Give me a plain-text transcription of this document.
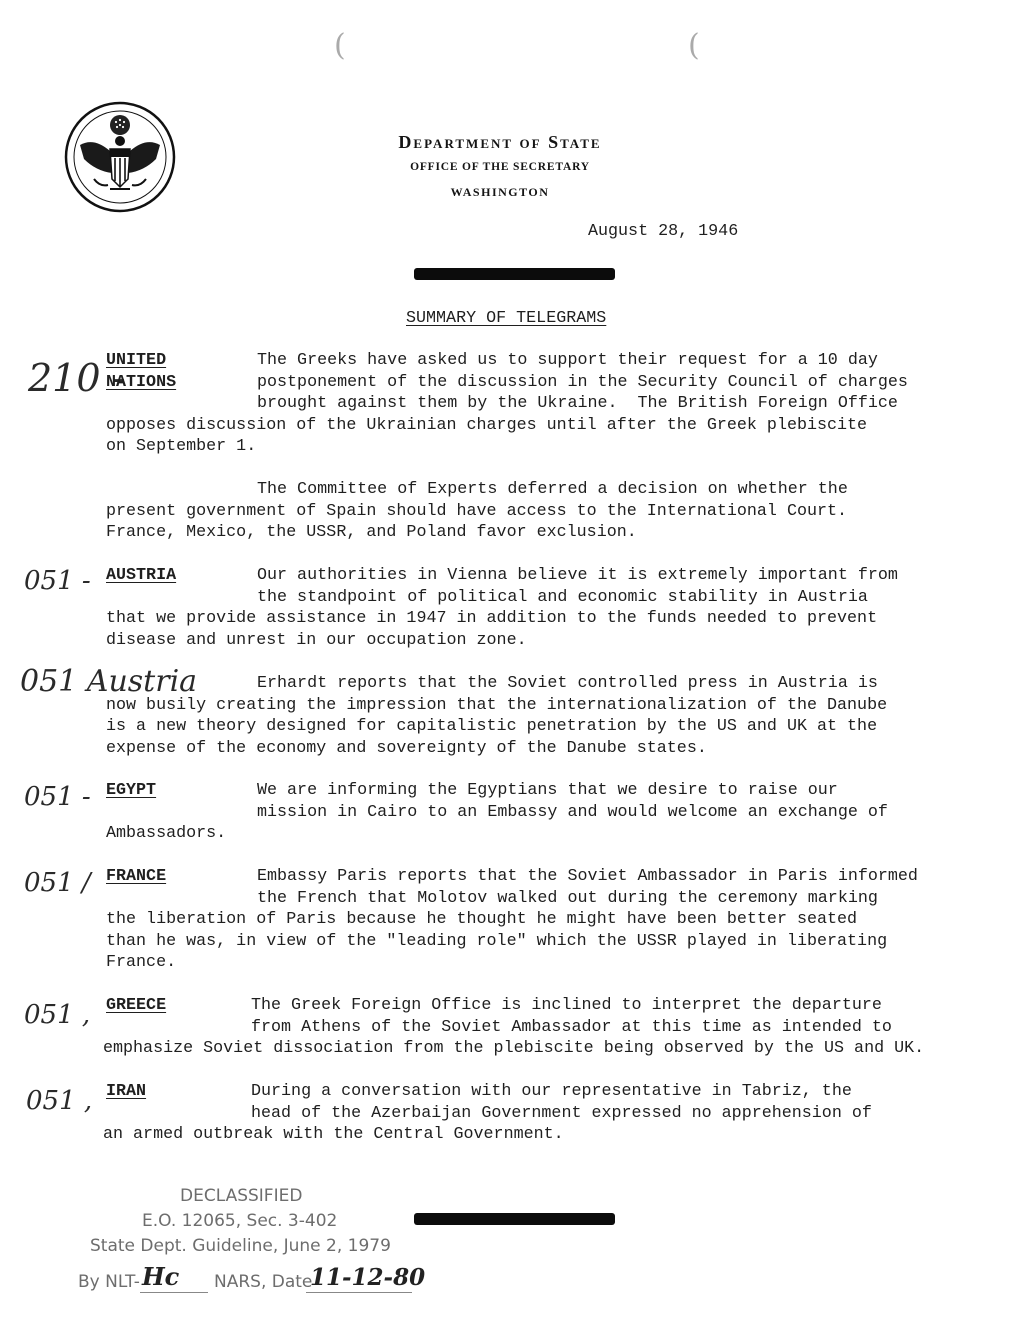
(	(
Department of State
OFFICE OF THE SECRETARY
WASHINGTON
August 28, 1946
SUMMARY OF TELEGRAMS
210 -
UNITED
NATIONS
The Greeks have asked us to support their request for a 10 day
postponement of the discussion in the Security Council of charges
brought against them by the Ukraine.  The British Foreign Office
opposes discussion of the Ukrainian charges until after the Greek plebiscite
on September 1.
The Committee of Experts deferred a decision on whether the
present government of Spain should have access to the International Court.
France, Mexico, the USSR, and Poland favor exclusion.
051 - AUSTRIA	Our authorities in Vienna believe it is extremely important from
the standpoint of political and economic stability in Austria
that we provide assistance in 1947 in addition to the funds needed to prevent
disease and unrest in our occupation zone.
051 Austria	Erhardt reports that the Soviet controlled press in Austria is
now busily creating the impression that the internationalization of the Danube
is a new theory designed for capitalistic penetration by the US and UK at the
expense of the economy and sovereignty of the Danube states.
051 - EGYPT	We are informing the Egyptians that we desire to raise our
mission in Cairo to an Embassy and would welcome an exchange of
Ambassadors.
051 / FRANCE	Embassy Paris reports that the Soviet Ambassador in Paris informed
the French that Molotov walked out during the ceremony marking
the liberation of Paris because he thought he might have been better seated
than he was, in view of the "leading role" which the USSR played in liberating
France.
051 , GREECE	The Greek Foreign Office is inclined to interpret the departure
from Athens of the Soviet Ambassador at this time as intended to
emphasize Soviet dissociation from the plebiscite being observed by the US and UK.
051 , IRAN	During a conversation with our representative in Tabriz, the
head of the Azerbaijan Government expressed no apprehension of
an armed outbreak with the Central Government.
DECLASSIFIED
E.O. 12065, Sec. 3-402
State Dept. Guideline, June 2, 1979
By NLT- Hc NARS, Date
11-12-80
